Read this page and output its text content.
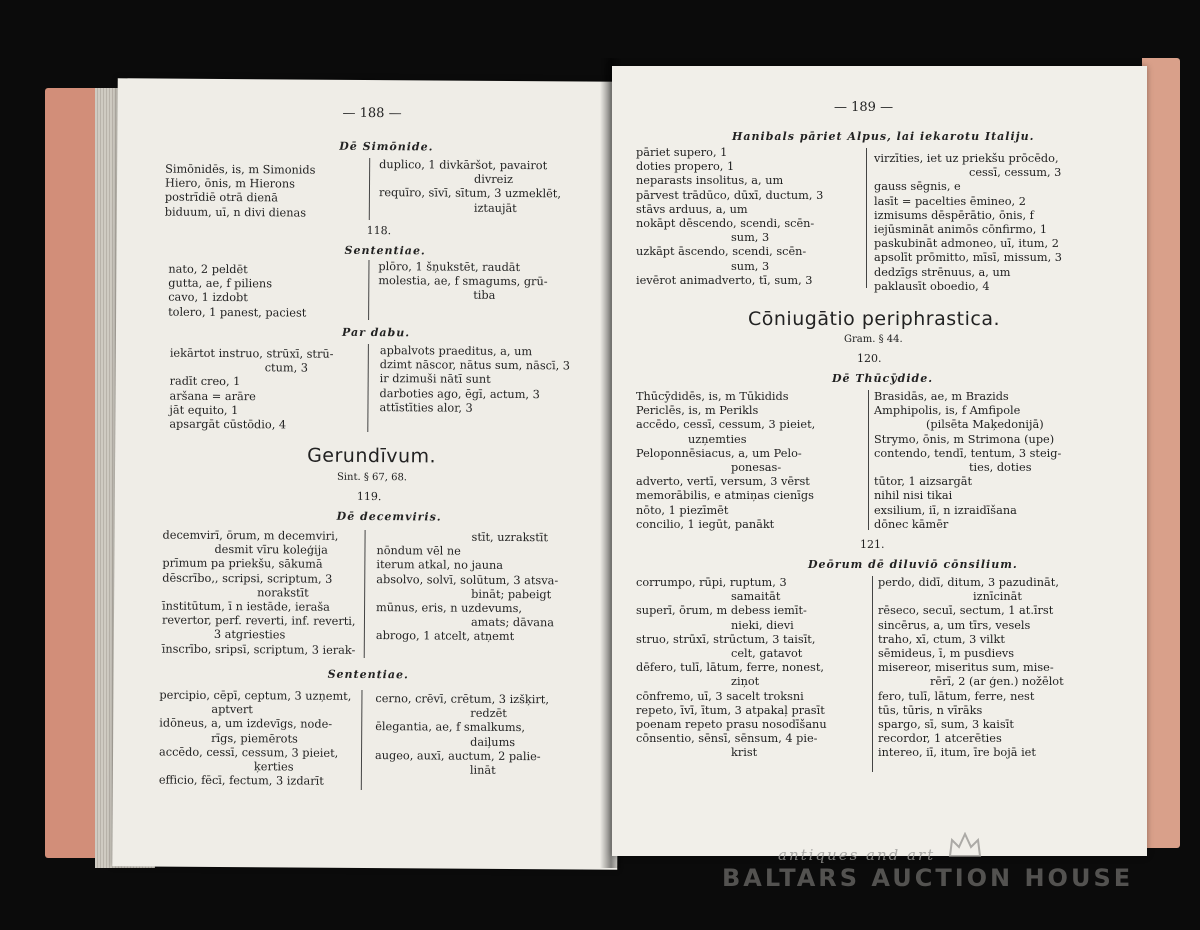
— 188 —
Dē Simōnide.
Simōnidēs, is, m Simonids
Hiero, ōnis, m Hierons
postrīdiē otrā dienā
biduum, uī, n divi dienas
duplico, 1 divkāršot, pavairot
divreiz
requīro, sīvī, sītum, 3 uzmeklēt,
iztaujāt
118.
Sententiae.
nato, 2 peldēt
gutta, ae, f piliens
cavo, 1 izdobt
tolero, 1 panest, paciest
plōro, 1 šņukstēt, raudāt
molestia, ae, f smagums, grū-
tiba
Par dabu.
iekārtot instruo, strūxī, strū-
ctum, 3
radīt creo, 1
aršana = arāre
jāt equito, 1
apsargāt cūstōdio, 4
apbalvots praeditus, a, um
dzimt nāscor, nātus sum, nāscī, 3
ir dzimuši nātī sunt
darboties ago, ēgī, actum, 3
attīstīties alor, 3
Gerundīvum.
Sint. § 67, 68.
119.
Dē decemviris.
decemvirī, ōrum, m decemviri,
desmit vīru koleģija
prīmum pa priekšu, sākumā
dēscrībo,, scripsi, scriptum, 3
norakstīt
īnstitūtum, ī n iestāde, ieraša
revertor, perf. reverti, inf. reverti,
3 atgriesties
īnscrībo, sripsī, scriptum, 3 ierak-
stīt, uzrakstīt
nōndum vēl ne
iterum atkal, no jauna
absolvo, solvī, solūtum, 3 atsva-
bināt; pabeigt
mūnus, eris, n uzdevums,
amats; dāvana
abrogo, 1 atcelt, atņemt
Sententiae.
percipio, cēpī, ceptum, 3 uzņemt,
aptvert
idōneus, a, um izdevīgs, node-
rīgs, piemērots
accēdo, cessī, cessum, 3 pieiet,
ķerties
efficio, fēcī, fectum, 3 izdarīt
cerno, crēvī, crētum, 3 izšķirt,
redzēt
ēlegantia, ae, f smalkums,
daiļums
augeo, auxī, auctum, 2 palie-
lināt
— 189 —
Hanibals pāriet Alpus, lai iekarotu Italiju.
pāriet supero, 1
doties propero, 1
neparasts insolitus, a, um
pārvest trādūco, dūxī, ductum, 3
stāvs arduus, a, um
nokāpt dēscendo, scendi, scēn-
sum, 3
uzkāpt āscendo, scendi, scēn-
sum, 3
ievērot animadverto, tī, sum, 3
virzīties, iet uz priekšu prōcēdo,
cessī, cessum, 3
gauss sēgnis, e
lasīt = pacelties ēmineo, 2
izmisums dēspērātio, ōnis, f
iejūsmināt animōs cōnfirmo, 1
paskubināt admoneo, uī, itum, 2
apsolīt prōmitto, mīsī, missum, 3
dedzīgs strēnuus, a, um
paklausīt oboedio, 4
Cōniugātio periphrastica.
Gram. § 44.
120.
Dē Thūcȳdide.
Thūcȳdidēs, is, m Tūkidids
Periclēs, is, m Perikls
accēdo, cessī, cessum, 3 pieiet,
uzņemties
Peloponnēsiacus, a, um Pelo-
ponesas-
adverto, vertī, versum, 3 vērst
memorābilis, e atmiņas cienīgs
nōto, 1 piezīmēt
concilio, 1 iegūt, panākt
Brasidās, ae, m Brazids
Amphipolis, is, f Amfipole
(pilsēta Maķedonijā)
Strymo, ōnis, m Strimona (upe)
contendo, tendī, tentum, 3 steig-
ties, doties
tūtor, 1 aizsargāt
nihil nisi tikai
exsilium, iī, n izraidīšana
dōnec kāmēr
121.
Deōrum dē diluviō cōnsilium.
corrumpo, rūpi, ruptum, 3
samaitāt
superī, ōrum, m debess iemīt-
nieki, dievi
struo, strūxī, strūctum, 3 taisīt,
celt, gatavot
dēfero, tulī, lātum, ferre, nonest,
ziņot
cōnfremo, uī, 3 sacelt troksni
repeto, īvī, ītum, 3 atpakaļ prasīt
poenam repeto prasu nosodīšanu
cōnsentio, sēnsī, sēnsum, 4 pie-
krist
perdo, didī, ditum, 3 pazudināt,
iznīcināt
rēseco, secuī, sectum, 1 at.īrst
sincērus, a, um tīrs, vesels
traho, xī, ctum, 3 vilkt
sēmideus, ī, m pusdievs
misereor, miseritus sum, mise-
rērī, 2 (ar ģen.) nožēlot
fero, tulī, lātum, ferre, nest
tūs, tūris, n vīrāks
spargo, sī, sum, 3 kaisīt
recordor, 1 atcerēties
intereo, iī, itum, īre bojā iet
antiques and art
BALTARS AUCTION HOUSE
